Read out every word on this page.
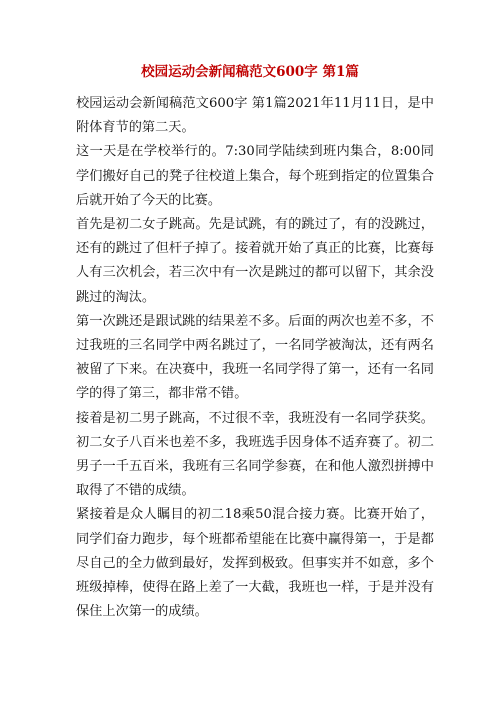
校园运动会新闻稿范文600字 第1篇

校园运动会新闻稿范文600字 第1篇2021年11月11日，是中附体育节的第二天。

这一天是在学校举行的。7:30同学陆续到班内集合，8:00同学们搬好自己的凳子往校道上集合，每个班到指定的位置集合后就开始了今天的比赛。

首先是初二女子跳高。先是试跳，有的跳过了，有的没跳过，还有的跳过了但杆子掉了。接着就开始了真正的比赛，比赛每人有三次机会，若三次中有一次是跳过的都可以留下，其余没跳过的淘汰。

第一次跳还是跟试跳的结果差不多。后面的两次也差不多，不过我班的三名同学中两名跳过了，一名同学被淘汰，还有两名被留了下来。在决赛中，我班一名同学得了第一，还有一名同学的得了第三，都非常不错。

接着是初二男子跳高，不过很不幸，我班没有一名同学获奖。初二女子八百米也差不多，我班选手因身体不适弃赛了。初二男子一千五百米，我班有三名同学参赛，在和他人激烈拼搏中取得了不错的成绩。

紧接着是众人瞩目的初二18乘50混合接力赛。比赛开始了，同学们奋力跑步，每个班都希望能在比赛中赢得第一，于是都尽自己的全力做到最好，发挥到极致。但事实并不如意，多个班级掉棒，使得在路上差了一大截，我班也一样，于是并没有保住上次第一的成绩。
